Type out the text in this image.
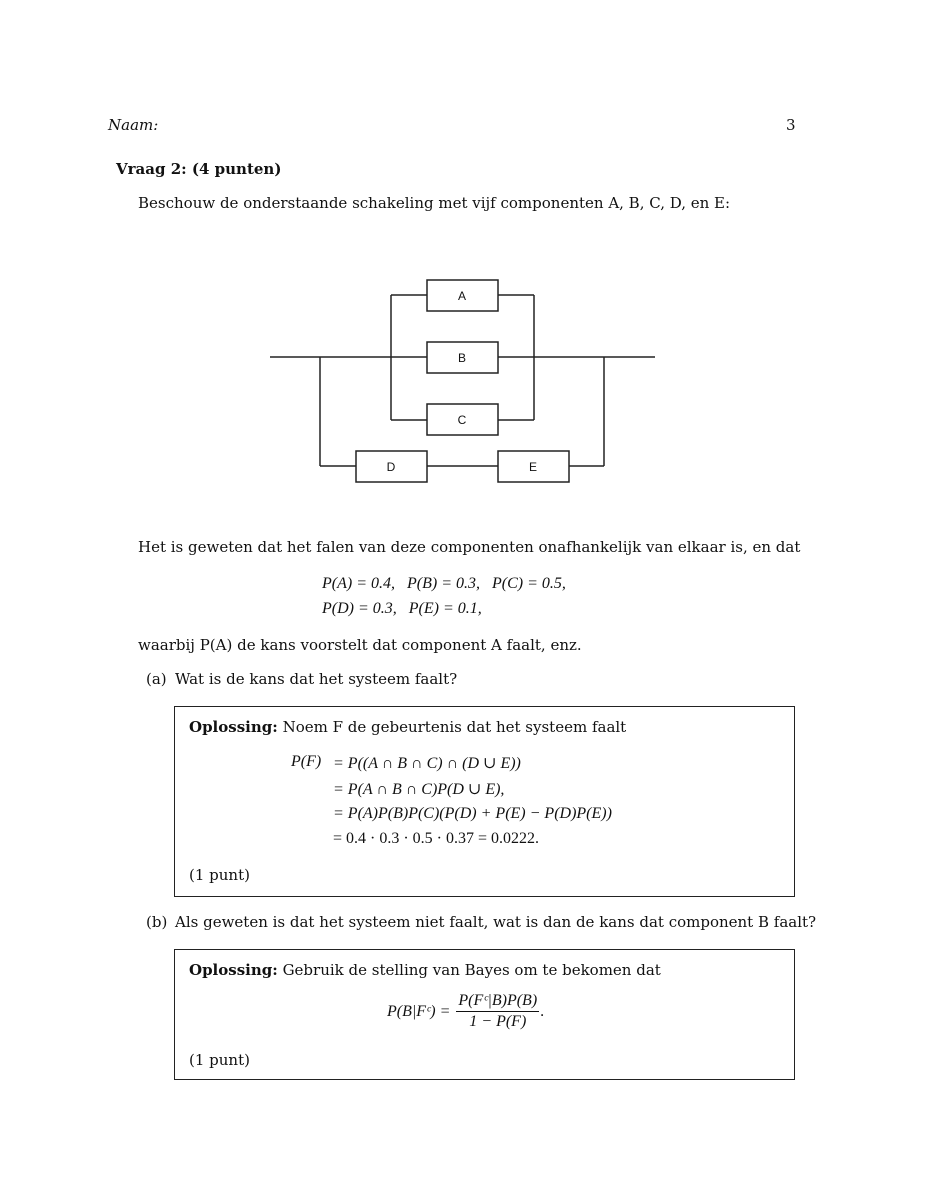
Naam:	3
Vraag 2: (4 punten)
Beschouw de onderstaande schakeling met vijf componenten A, B, C, D, en E:
A
B
C
D	E
Het is geweten dat het falen van deze componenten onafhankelijk van elkaar is, en dat
P(A) = 0.4,   P(B) = 0.3,   P(C) = 0.5,
P(D) = 0.3,   P(E) = 0.1,
waarbij P(A) de kans voorstelt dat component A faalt, enz.
(a) Wat is de kans dat het systeem faalt?
Oplossing: Noem F de gebeurtenis dat het systeem faalt
P(F) = P((A ∩ B ∩ C) ∩ (D ∪ E))
= P(A ∩ B ∩ C)P(D ∪ E),
= P(A)P(B)P(C)(P(D) + P(E) − P(D)P(E))
= 0.4 · 0.3 · 0.5 · 0.37 = 0.0222.
(1 punt)
(b) Als geweten is dat het systeem niet faalt, wat is dan de kans dat component B faalt?
Oplossing: Gebruik de stelling van Bayes om te bekomen dat
P(B|Fᶜ) = $\frac{\text{P(Fᶜ|B)P(B)}}{1 - P(F)}$ .
(1 punt)
